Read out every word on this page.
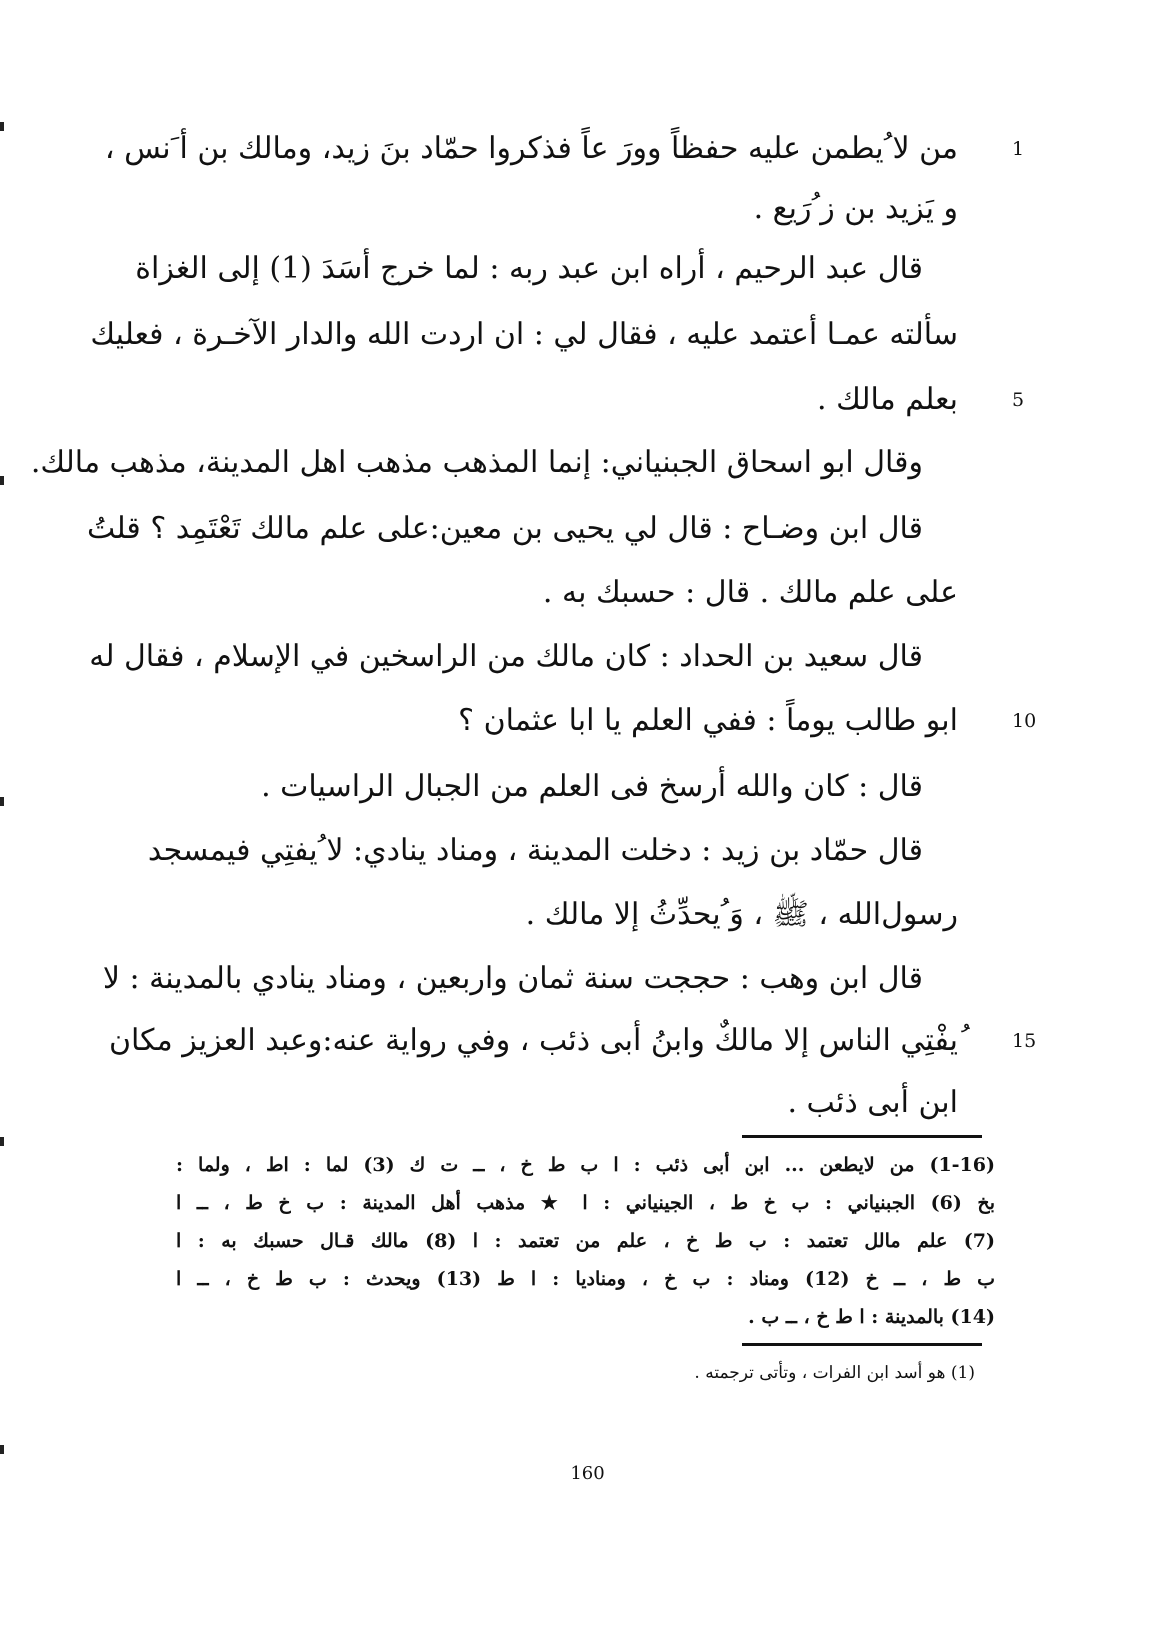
من لا ُيطمن عليه حفظاً وورَ عاً فذكروا حمّاد بنَ زيد، ومالك بن أ َنس ،
و يَزيد بن ز ُرَيع .
قال عبد الرحيم ، أراه ابن عبد ربه : لما خرج أسَدَ (1) إلى الغزاة
سألته عمـا أعتمد عليه ، فقال لي : ان اردت الله والدار الآخـرة ، فعليك
بعلم مالك .
وقال ابو اسحاق الجبنياني: إنما المذهب مذهب اهل المدينة، مذهب مالك.
قال ابن وضـاح : قال لي يحيى بن معين:على علم مالك تَعْتَمِد ؟ قلتُ
على علم مالك . قال : حسبك به .
قال سعيد بن الحداد : كان مالك من الراسخين في الإسلام ، فقال له
ابو طالب يوماً : ففي العلم يا ابا عثمان ؟
قال : كان والله أرسخ فى العلم من الجبال الراسيات .
قال حمّاد بن زيد : دخلت المدينة ، ومناد ينادي: لا ُيفتِي فيمسجد
رسول‌الله ، ﷺ ، وَ ُيحدِّثُ إلا مالك .
قال ابن وهب : حججت سنة ثمان واربعين ، ومناد ينادي بالمدينة : لا
ُيفْتِي الناس إلا مالكٌ وابنُ أبى ذئب ، وفي رواية عنه:وعبد العزيز مكان
ابن أبى ذئب .
1
5
10
15
(1-16) من لايطعن ... ابن أبى ذئب : ا ب ط خ ، ــ ت ك (3) لما : اط ، ولما :
بخ (6) الجبنياني : ب خ ط ، الجينياني : ا ★ مذهب أهل المدينة : ب خ ط ، ــ ا
(7) علم مالل تعتمد : ب ط خ ، علم من تعتمد : ا (8) مالك قـال حسبك به : ا
ب ط ، ــ خ (12) ومناد : ب خ ، ومناديا : ا ط (13) ويحدث : ب ط خ ، ــ ا
(14) بالمدينة : ا ط خ ، ــ ب .
(1) هو أسد ابن الفرات ، وتأتى ترجمته .
160
